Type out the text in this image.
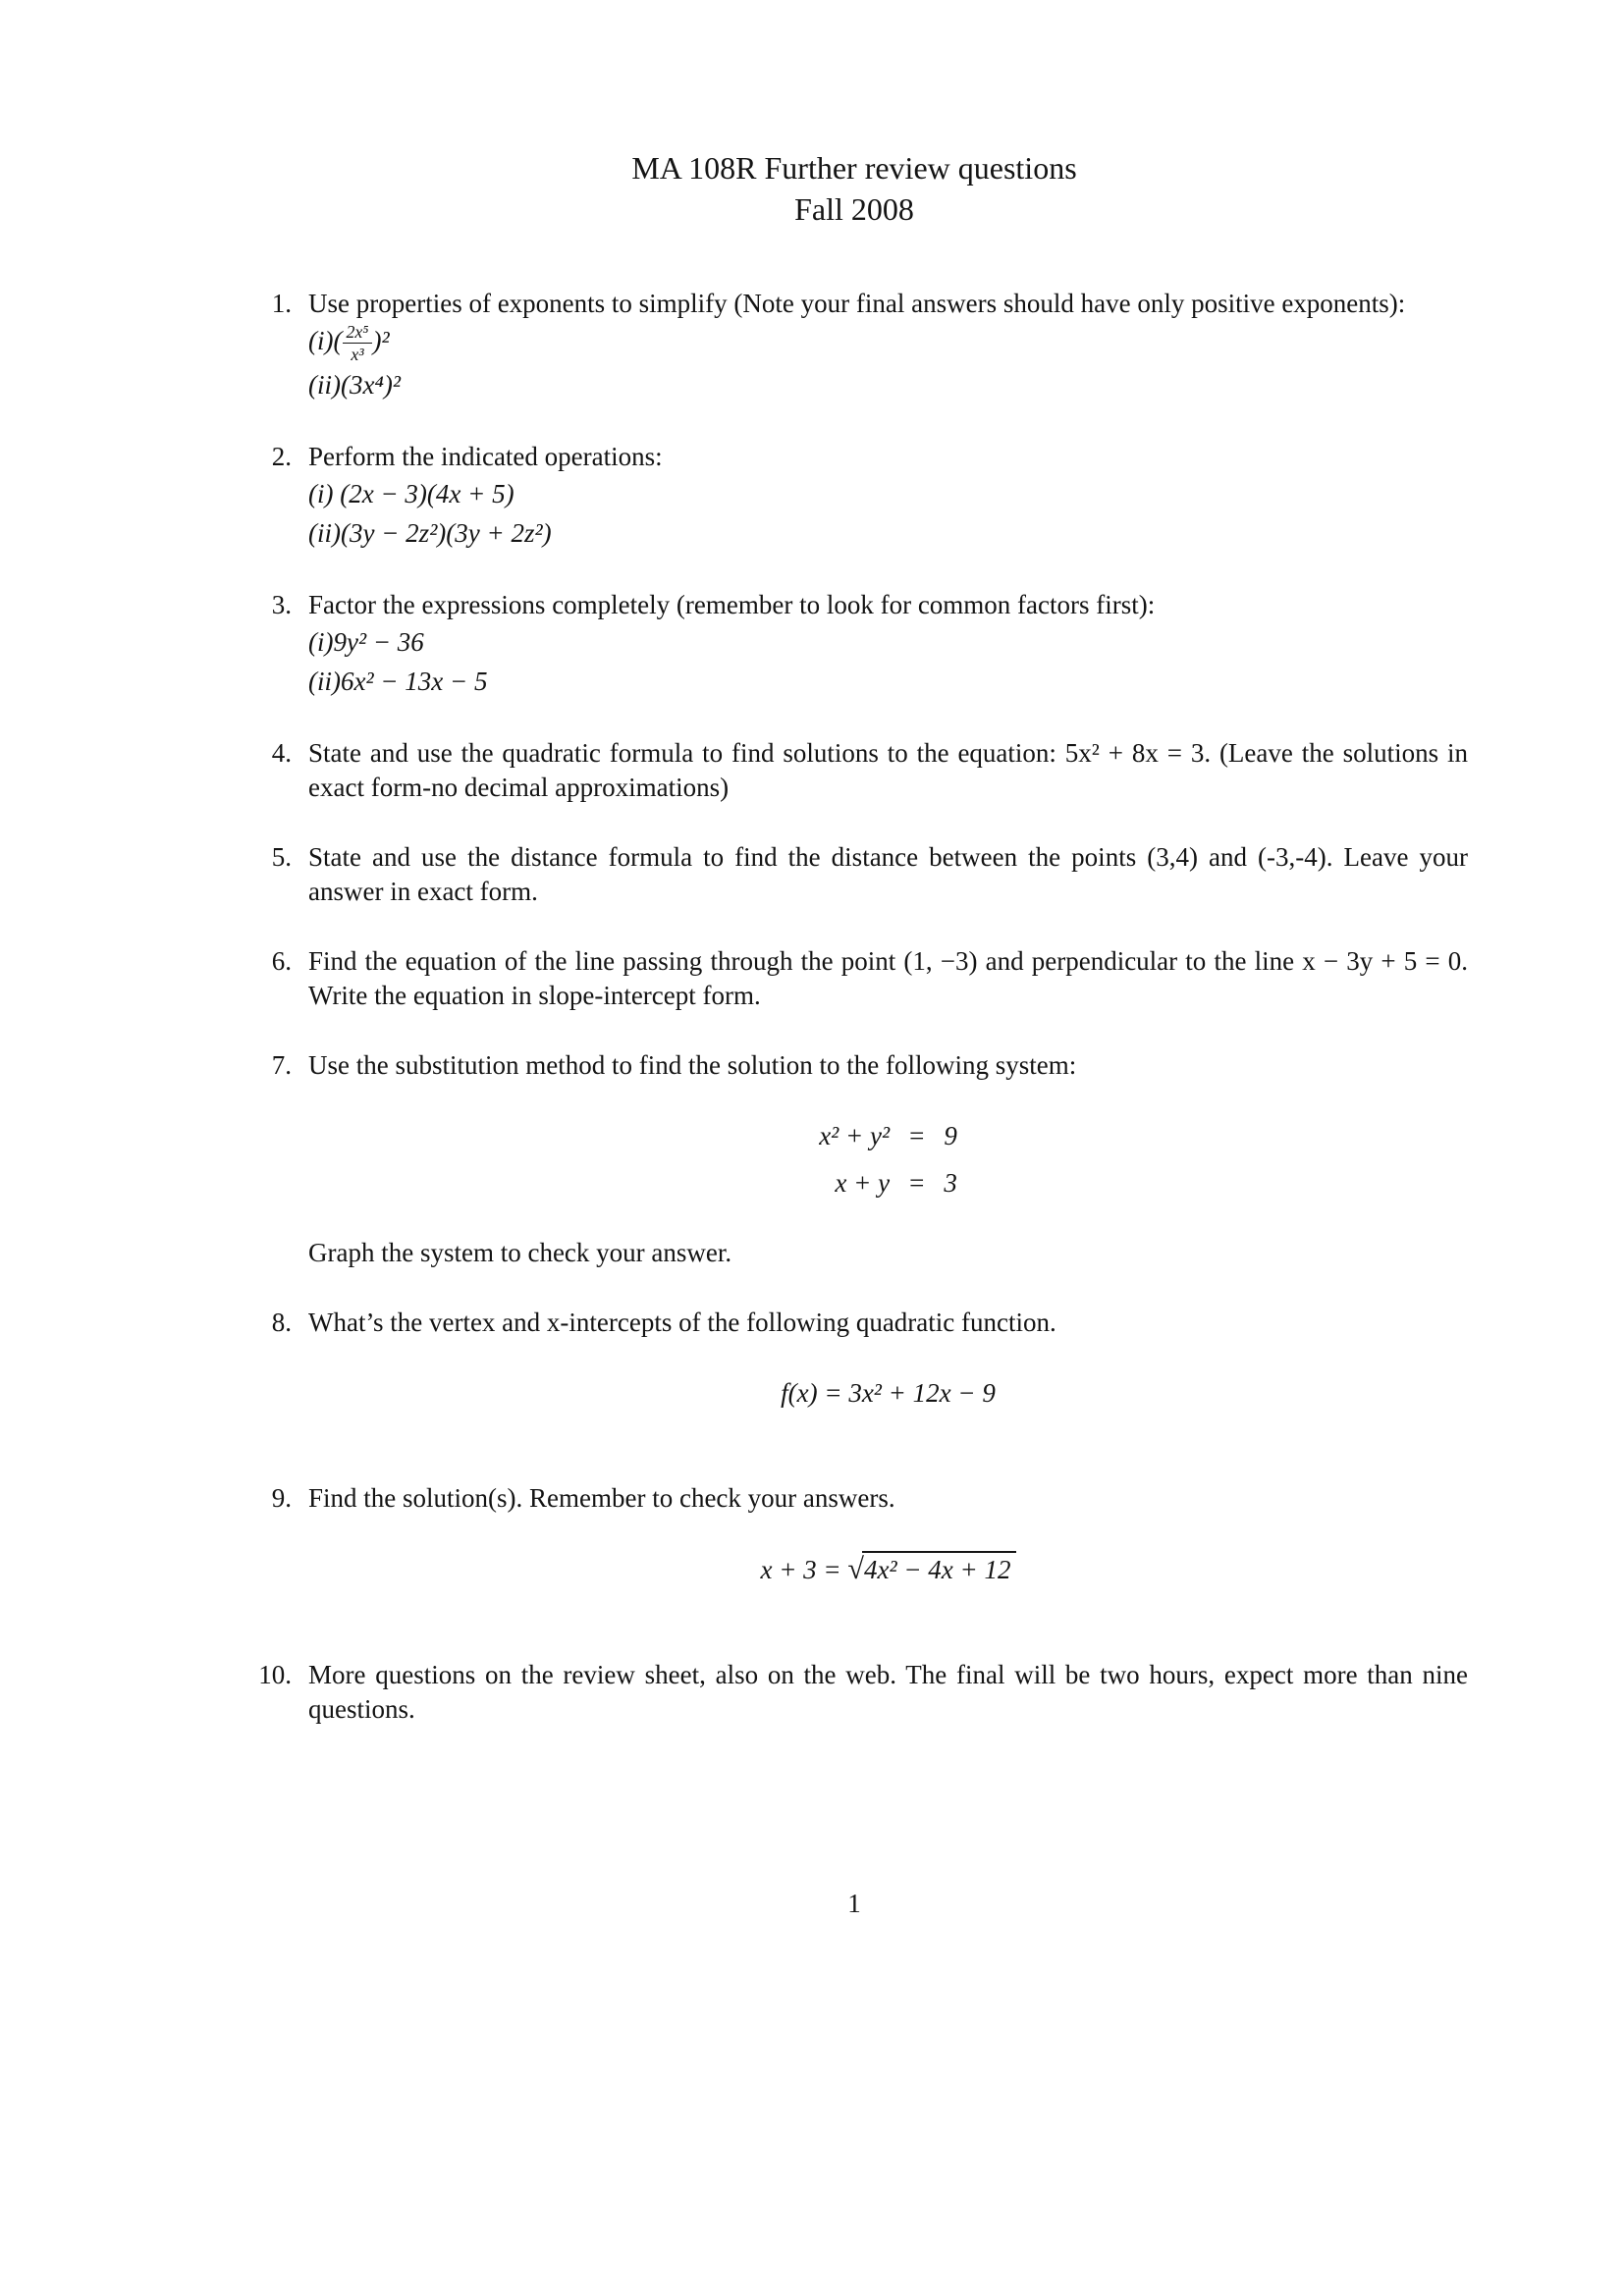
MA 108R Further review questions
Fall 2008
1. Use properties of exponents to simplify (Note your final answers should have only positive exponents):
$(i)( \frac{\text{2x⁵}}{\text{x³}} )^2$
(ii)(3x⁴)²
2. Perform the indicated operations:
(i) (2x − 3)(4x + 5)
(ii)(3y − 2z²)(3y + 2z²)
3. Factor the expressions completely (remember to look for common factors first):
(i)9y² − 36
(ii)6x² − 13x − 5
4. State and use the quadratic formula to find solutions to the equation: 5x² + 8x = 3. (Leave the solutions in exact form-no decimal approximations)
5. State and use the distance formula to find the distance between the points (3,4) and (-3,-4). Leave your answer in exact form.
6. Find the equation of the line passing through the point (1, −3) and perpendicular to the line x − 3y + 5 = 0. Write the equation in slope-intercept form.
7. Use the substitution method to find the solution to the following system:
x² + y² = 9
x + y = 3
Graph the system to check your answer.
8. What’s the vertex and x-intercepts of the following quadratic function.
f(x) = 3x² + 12x − 9
9. Find the solution(s). Remember to check your answers.
x + 3 = √4x² − 4x + 12
10. More questions on the review sheet, also on the web. The final will be two hours, expect more than nine questions.
1
